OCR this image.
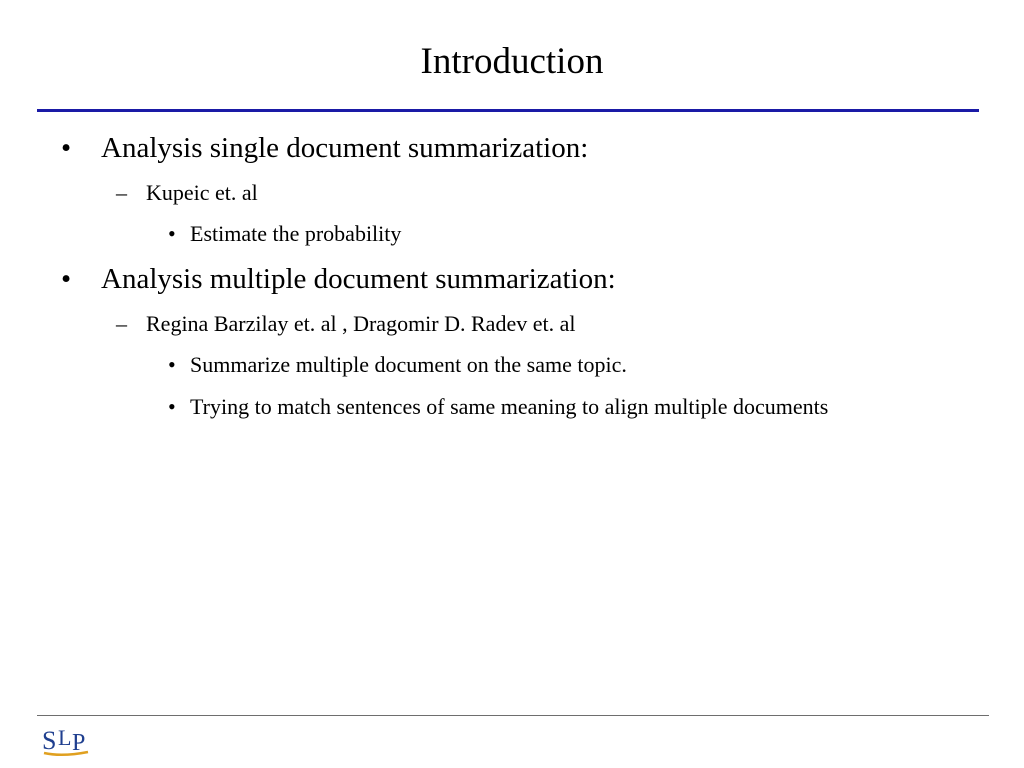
Introduction
• Analysis single document summarization:
– Kupeic et. al
• Estimate the probability
• Analysis multiple document summarization:
– Regina Barzilay et. al , Dragomir D. Radev et. al
• Summarize multiple document on the same topic.
• Trying to match sentences of same meaning to align multiple documents
S L P
